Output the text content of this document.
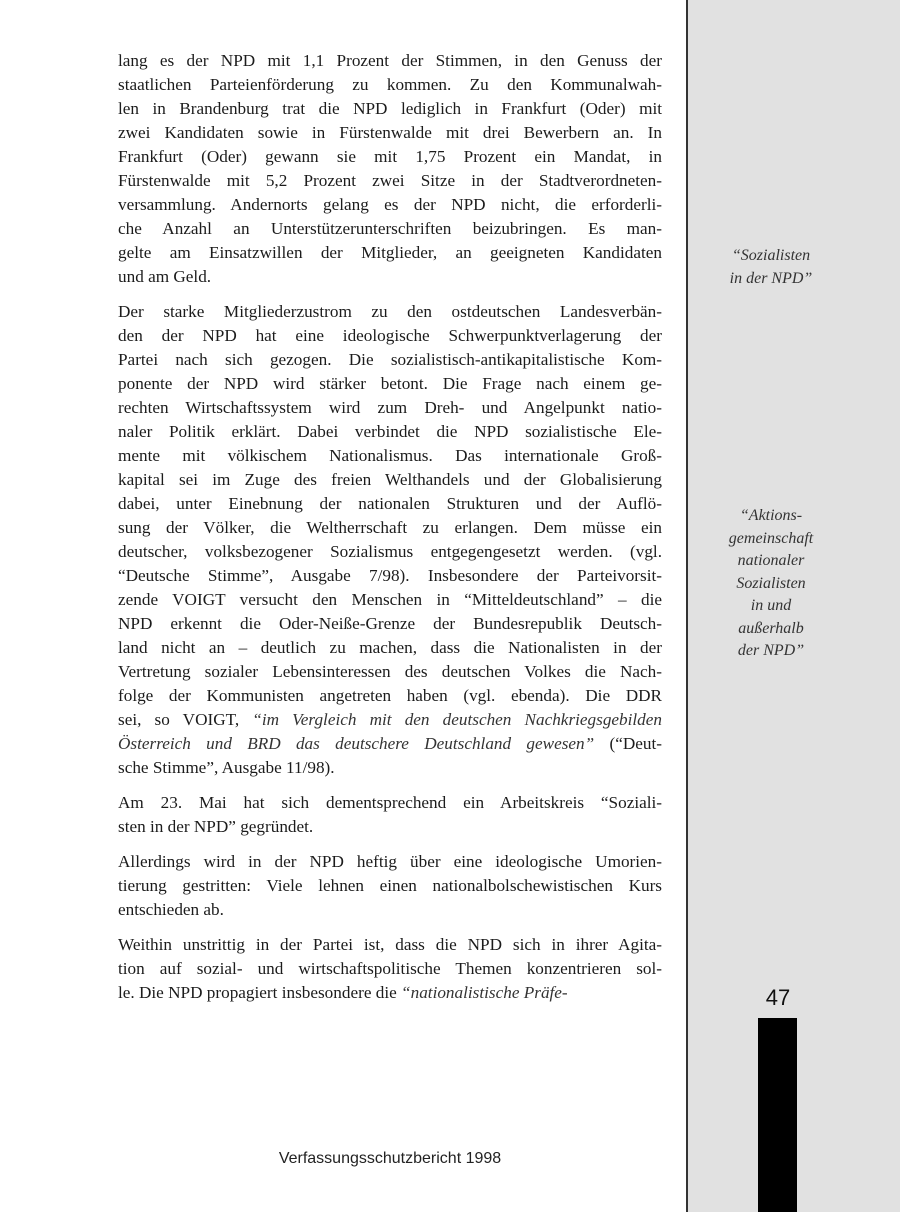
lang es der NPD mit 1,1 Prozent der Stimmen, in den Genuss der
staatlichen Parteienförderung zu kommen. Zu den Kommunalwah-
len in Brandenburg trat die NPD lediglich in Frankfurt (Oder) mit
zwei Kandidaten sowie in Fürstenwalde mit drei Bewerbern an. In
Frankfurt (Oder) gewann sie mit 1,75 Prozent ein Mandat, in
Fürstenwalde mit 5,2 Prozent zwei Sitze in der Stadtverordneten-
versammlung. Andernorts gelang es der NPD nicht, die erforderli-
che Anzahl an Unterstützerunterschriften beizubringen. Es man-
gelte am Einsatzwillen der Mitglieder, an geeigneten Kandidaten
und am Geld.
Der starke Mitgliederzustrom zu den ostdeutschen Landesverbän-
den der NPD hat eine ideologische Schwerpunktverlagerung der
Partei nach sich gezogen. Die sozialistisch-antikapitalistische Kom-
ponente der NPD wird stärker betont. Die Frage nach einem ge-
rechten Wirtschaftssystem wird zum Dreh- und Angelpunkt natio-
naler Politik erklärt. Dabei verbindet die NPD sozialistische Ele-
mente mit völkischem Nationalismus. Das internationale Groß-
kapital sei im Zuge des freien Welthandels und der Globalisierung
dabei, unter Einebnung der nationalen Strukturen und der Auflö-
sung der Völker, die Weltherrschaft zu erlangen. Dem müsse ein
deutscher, volksbezogener Sozialismus entgegengesetzt werden. (vgl.
“Deutsche Stimme”, Ausgabe 7/98). Insbesondere der Parteivorsit-
zende VOIGT versucht den Menschen in “Mitteldeutschland” – die
NPD erkennt die Oder-Neiße-Grenze der Bundesrepublik Deutsch-
land nicht an – deutlich zu machen, dass die Nationalisten in der
Vertretung sozialer Lebensinteressen des deutschen Volkes die Nach-
folge der Kommunisten angetreten haben (vgl. ebenda). Die DDR
sei, so VOIGT, “im Vergleich mit den deutschen Nachkriegsgebilden
Österreich und BRD das deutschere Deutschland gewesen” (“Deut-
sche Stimme”, Ausgabe 11/98).
Am 23. Mai hat sich dementsprechend ein Arbeitskreis “Soziali-
sten in der NPD” gegründet.
Allerdings wird in der NPD heftig über eine ideologische Umorien-
tierung gestritten: Viele lehnen einen nationalbolschewistischen Kurs
entschieden ab.
Weithin unstrittig in der Partei ist, dass die NPD sich in ihrer Agita-
tion auf sozial- und wirtschaftspolitische Themen konzentrieren sol-
le. Die NPD propagiert insbesondere die “nationalistische Präfe-
“Sozialisten
in der NPD”
“Aktions-
gemeinschaft
nationaler
Sozialisten
in und
außerhalb
der NPD”
47
Verfassungsschutzbericht 1998
